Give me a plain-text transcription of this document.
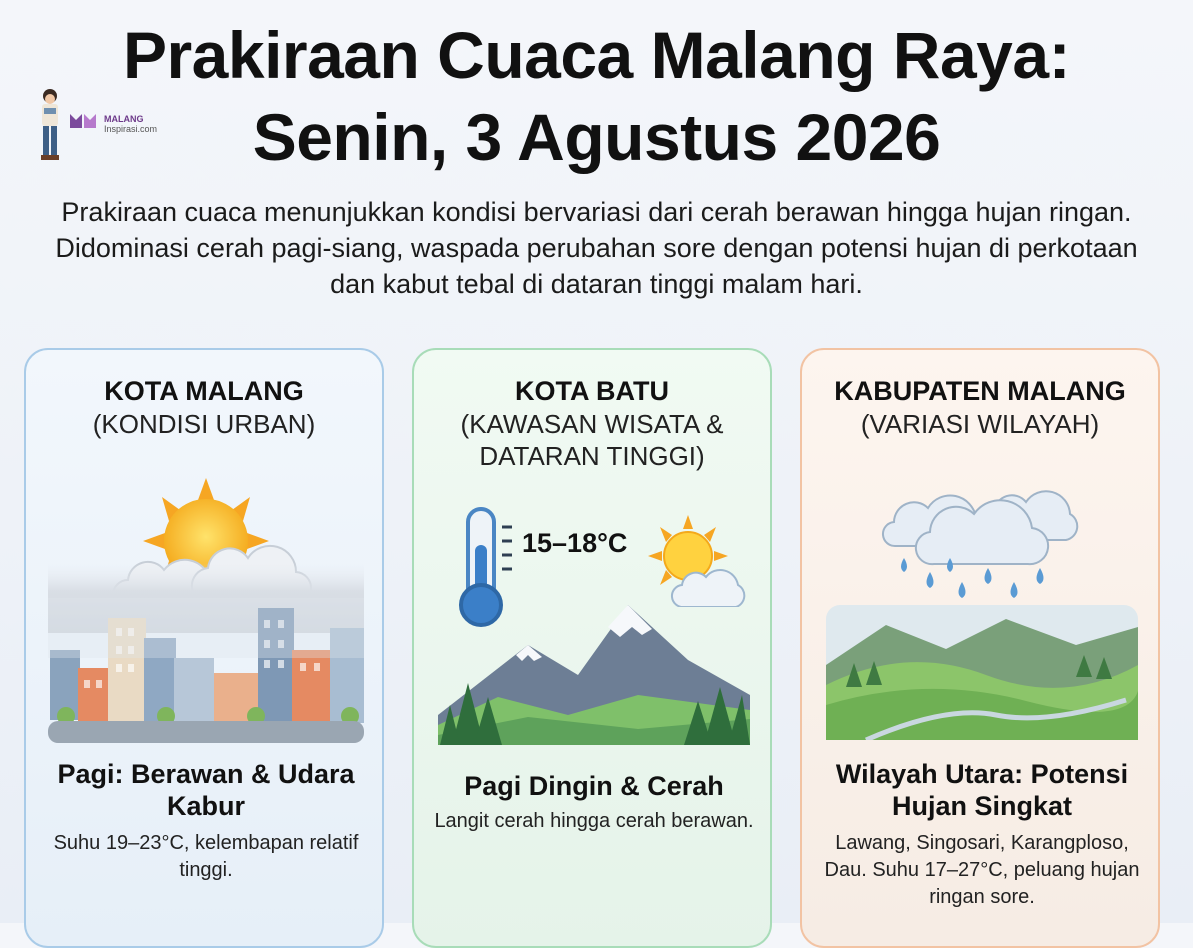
Prakiraan Cuaca Malang Raya:
Senin, 3 Agustus 2026
MALANG
Inspirasi.com

Prakiraan cuaca menunjukkan kondisi bervariasi dari cerah berawan hingga hujan ringan. Didominasi cerah pagi-siang, waspada perubahan sore dengan potensi hujan di perkotaan dan kabut tebal di dataran tinggi malam hari.

KOTA MALANG

(KONDISI URBAN)

Pagi: Berawan & Udara Kabur

Suhu 19–23°C, kelembapan relatif tinggi.

KOTA BATU

(KAWASAN WISATA & DATARAN TINGGI)

15–18°C

Pagi Dingin & Cerah

Langit cerah hingga cerah berawan.

KABUPATEN MALANG

(VARIASI WILAYAH)

Wilayah Utara: Potensi Hujan Singkat

Lawang, Singosari, Karangploso, Dau. Suhu 17–27°C, peluang hujan ringan sore.
